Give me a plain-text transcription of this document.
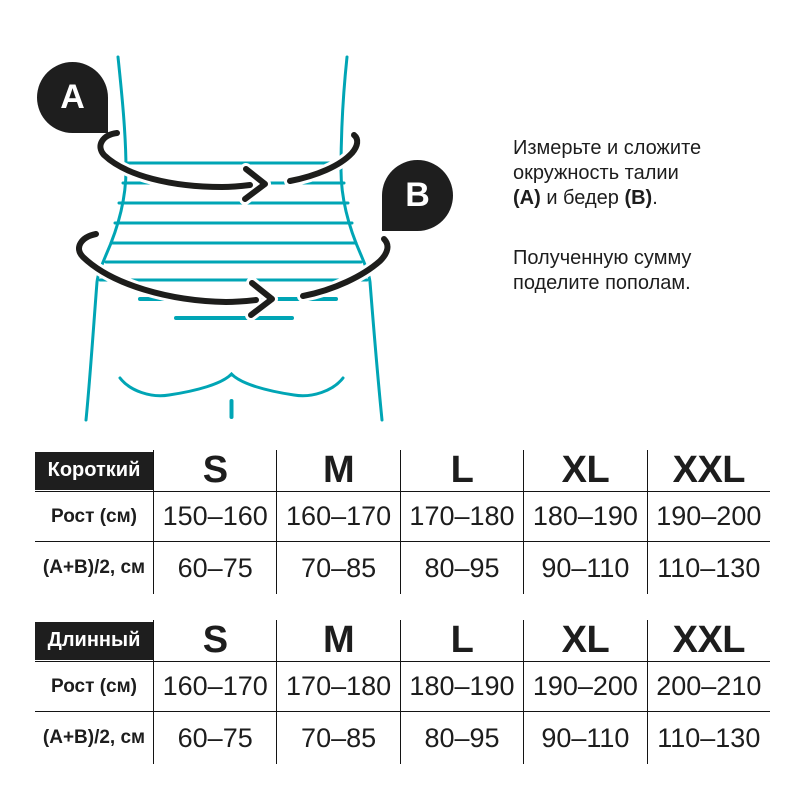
A
B

Измерьте и сложите
окружность талии
(А) и бедер (В).

Полученную сумму
поделите пополам.

Короткий	S	M	L	XL	XXL
Рост (см) 150–160 160–170 170–180 180–190 190–200
(А+В)/2, см	60–75	70–85	80–95	90–110	110–130
Длинный	S	M	L	XL	XXL
Рост (см) 160–170 170–180 180–190 190–200 200–210
(А+В)/2, см	60–75	70–85	80–95	90–110	110–130
